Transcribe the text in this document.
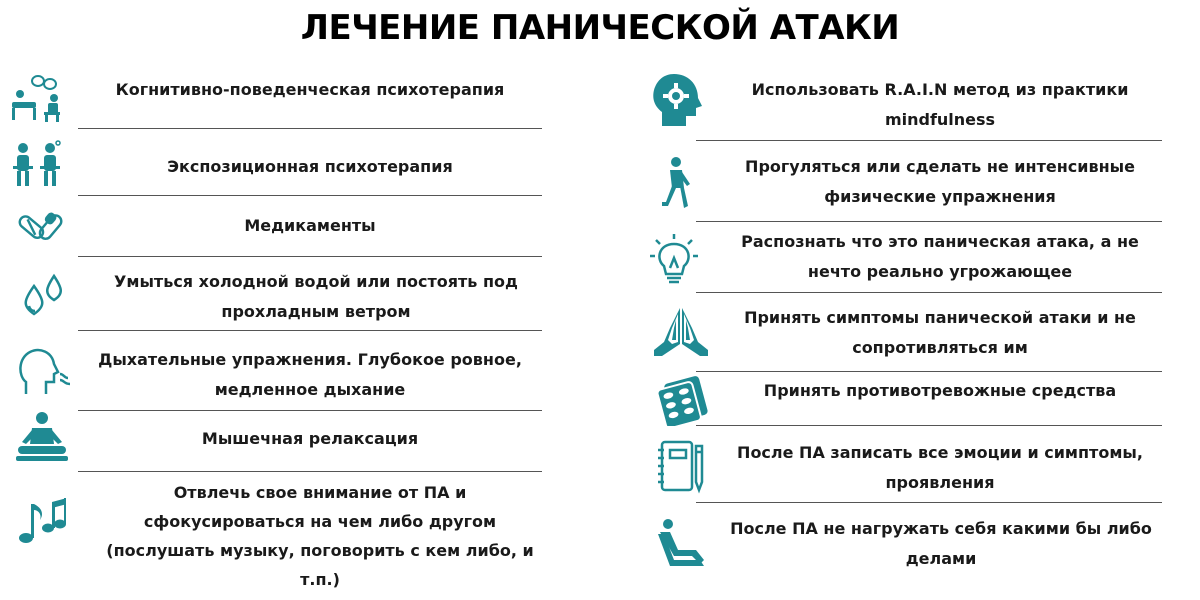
ЛЕЧЕНИЕ ПАНИЧЕСКОЙ АТАКИ
Когнитивно-поведенческая психотерапия
Экспозиционная психотерапия
Медикаменты
Умыться холодной водой или постоять под
прохладным ветром
Дыхательные упражнения. Глубокое ровное,
медленное дыхание
Мышечная релаксация
Отвлечь свое внимание от ПА и
сфокусироваться на чем либо другом
(послушать музыку, поговорить с кем либо, и
т.п.)
Использовать R.A.I.N метод из практики
mindfulness
Прогуляться или сделать не интенсивные
физические упражнения
Распознать что это паническая атака, а не
нечто реально угрожающее
Принять симптомы панической атаки и не
сопротивляться им
Принять противотревожные средства
После ПА записать все эмоции и симптомы,
проявления
После ПА не нагружать себя какими бы либо
делами
